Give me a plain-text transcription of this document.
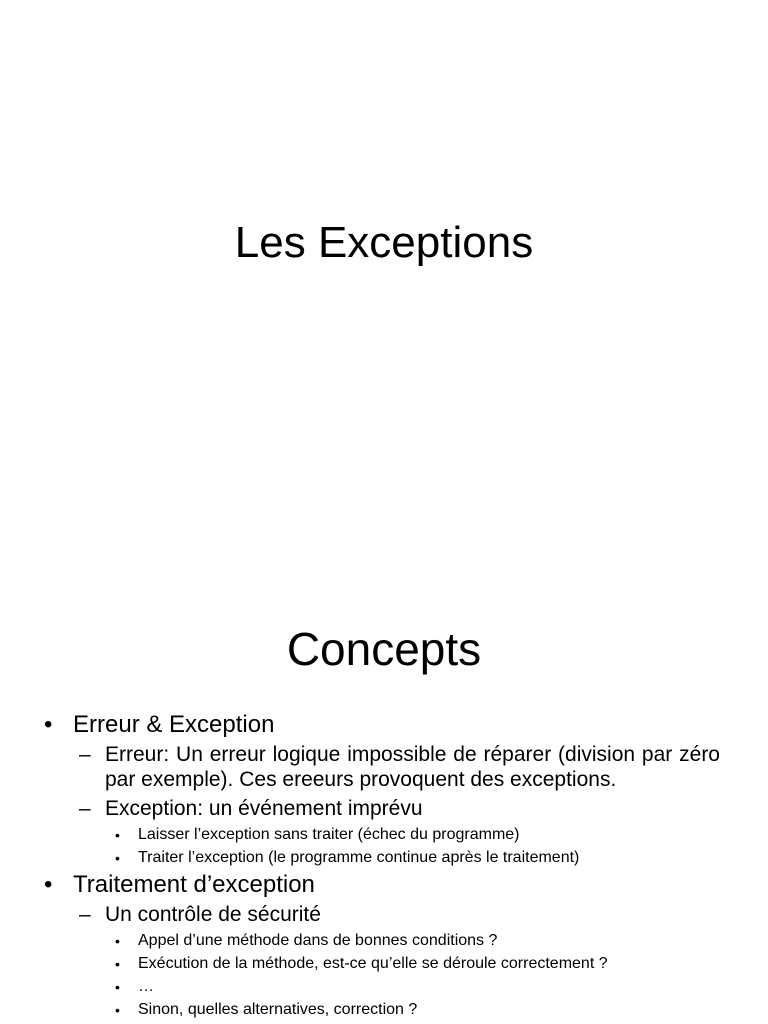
Les Exceptions
Concepts
• Erreur & Exception
– Erreur: Un erreur logique impossible de réparer (division par zéro par exemple). Ces ereeurs provoquent des exceptions.
– Exception: un événement imprévu
• Laisser l’exception sans traiter (échec du programme)
• Traiter l’exception (le programme continue après le traitement)
• Traitement d’exception
– Un contrôle de sécurité
• Appel d’une méthode dans de bonnes conditions ?
• Exécution de la méthode, est-ce qu’elle se déroule correctement ?
• …
• Sinon, quelles alternatives, correction ?
